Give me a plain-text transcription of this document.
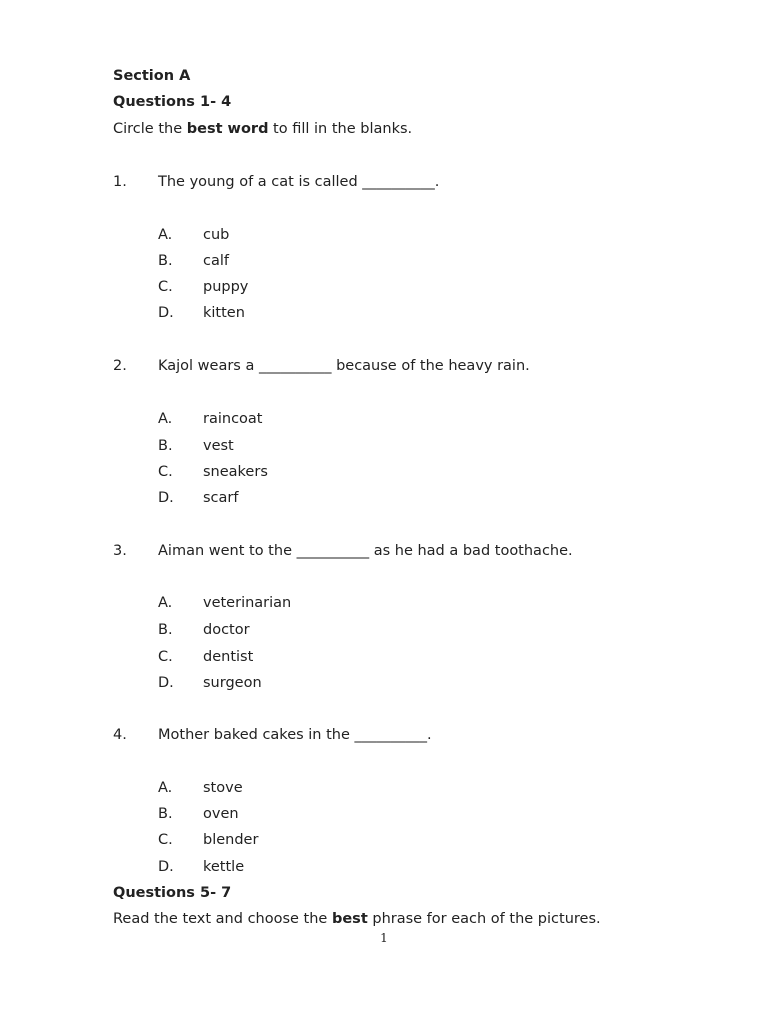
Section A
Questions 1- 4
Circle the best word to fill in the blanks.
1. The young of a cat is called __________.
A. cub
B. calf
C. puppy
D. kitten
2. Kajol wears a __________ because of the heavy rain.
A. raincoat
B. vest
C. sneakers
D. scarf
3. Aiman went to the __________ as he had a bad toothache.
A. veterinarian
B. doctor
C. dentist
D. surgeon
4. Mother baked cakes in the __________.
A. stove
B. oven
C. blender
D. kettle
Questions 5- 7
Read the text and choose the best phrase for each of the pictures.
1
